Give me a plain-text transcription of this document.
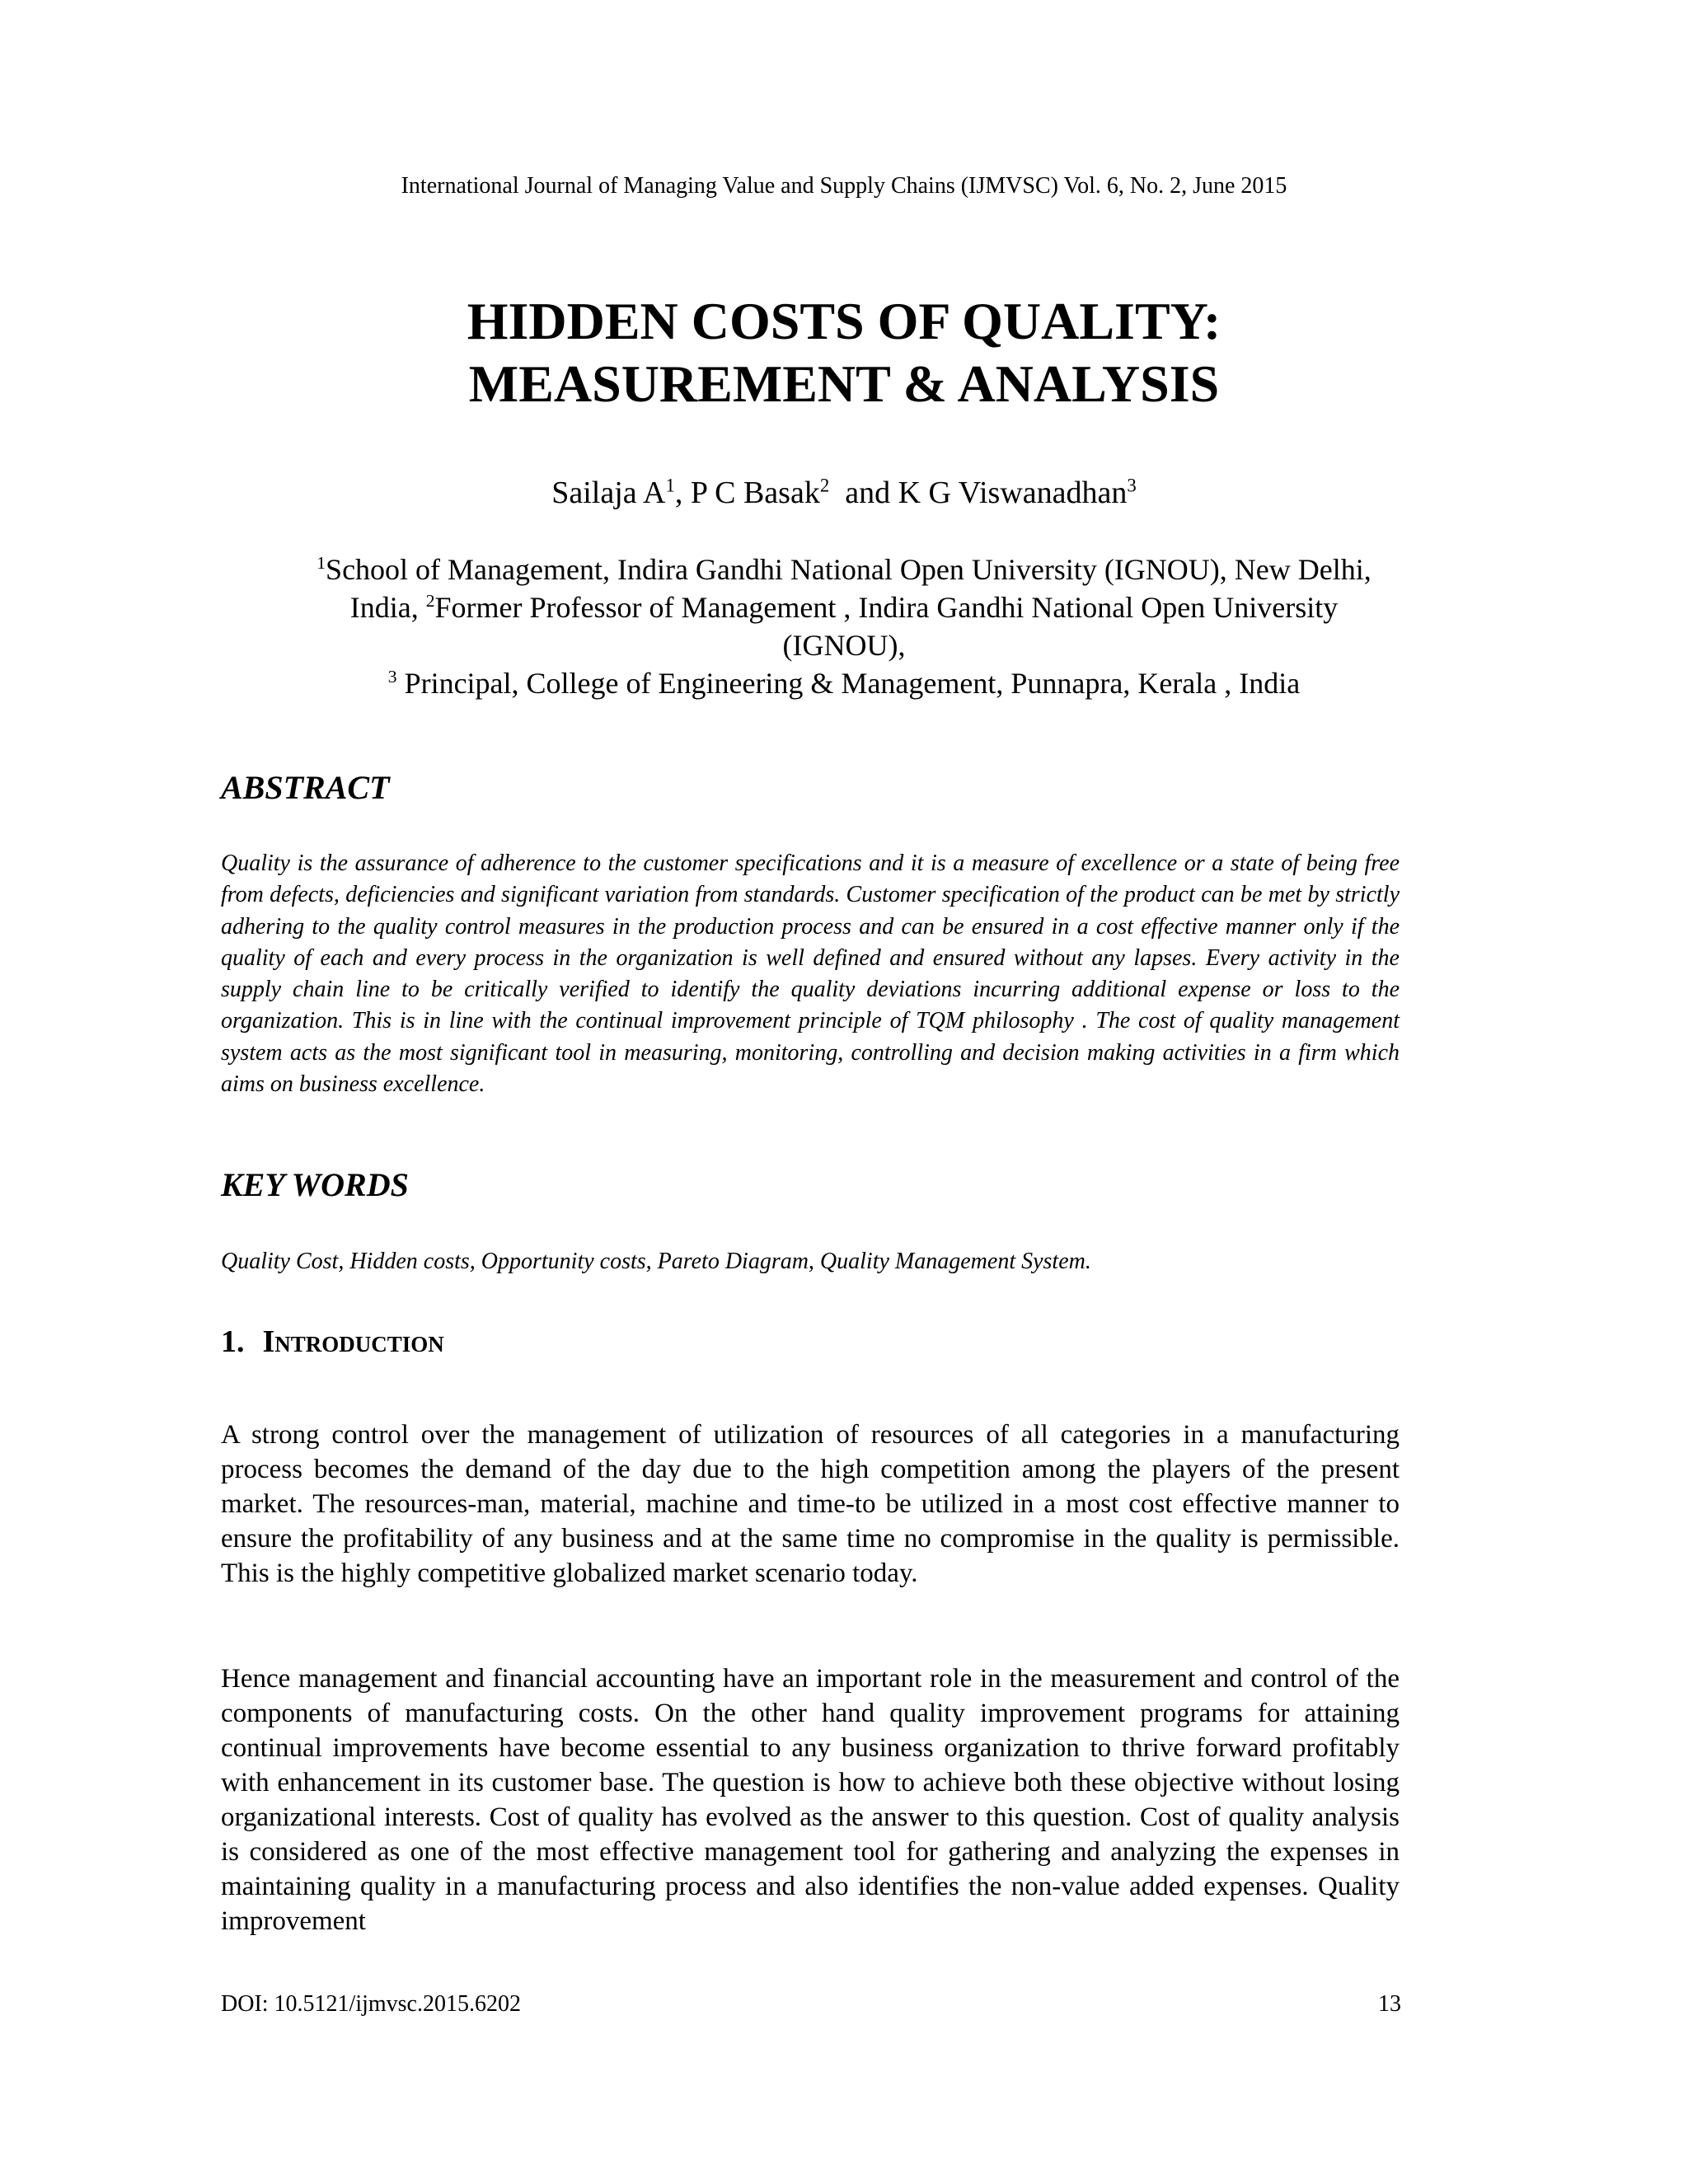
International Journal of Managing Value and Supply Chains (IJMVSC) Vol. 6, No. 2, June 2015
HIDDEN COSTS OF QUALITY:
MEASUREMENT & ANALYSIS
Sailaja $A^1$, P C Basak$^2$  and K G Viswanadhan$^3$
$^1$School of Management, Indira Gandhi National Open University (IGNOU), New Delhi,
India, $^2$Former Professor of Management , Indira Gandhi National Open University
(IGNOU),
$^3$ Principal, College of Engineering & Management, Punnapra, Kerala , India
ABSTRACT
Quality is the assurance of adherence to the customer specifications and it is a measure of excellence or a state of being free from defects, deficiencies and significant variation from standards. Customer specification of the product can be met by strictly adhering to the quality control measures in the production process and can be ensured in a cost effective manner only if the quality of each and every process in the organization is well defined and ensured without any lapses. Every activity in the supply chain line to be critically verified to identify the quality deviations incurring additional expense or loss to the organization. This is in line with the continual improvement principle of TQM philosophy . The cost of quality management system acts as the most significant tool in measuring, monitoring, controlling and decision making activities in a firm which aims on business excellence.
KEY WORDS
Quality Cost, Hidden costs, Opportunity costs, Pareto Diagram, Quality Management System.
1. Introduction
A strong control over the management of utilization of resources of all categories in a manufacturing process becomes the demand of the day due to the high competition among the players of the present market. The resources-man, material, machine and time-to be utilized in a most cost effective manner to ensure the profitability of any business and at the same time no compromise in the quality is permissible. This is the highly competitive globalized market scenario today.
Hence management and financial accounting have an important role in the measurement and control of the components of manufacturing costs. On the other hand quality improvement programs for attaining continual improvements have become essential to any business organization to thrive forward profitably with enhancement in its customer base. The question is how to achieve both these objective without losing organizational interests. Cost of quality has evolved as the answer to this question. Cost of quality analysis is considered as one of the most effective management tool for gathering and analyzing the expenses in maintaining quality in a manufacturing process and also identifies the non-value added expenses. Quality improvement
DOI: 10.5121/ijmvsc.2015.6202	13
